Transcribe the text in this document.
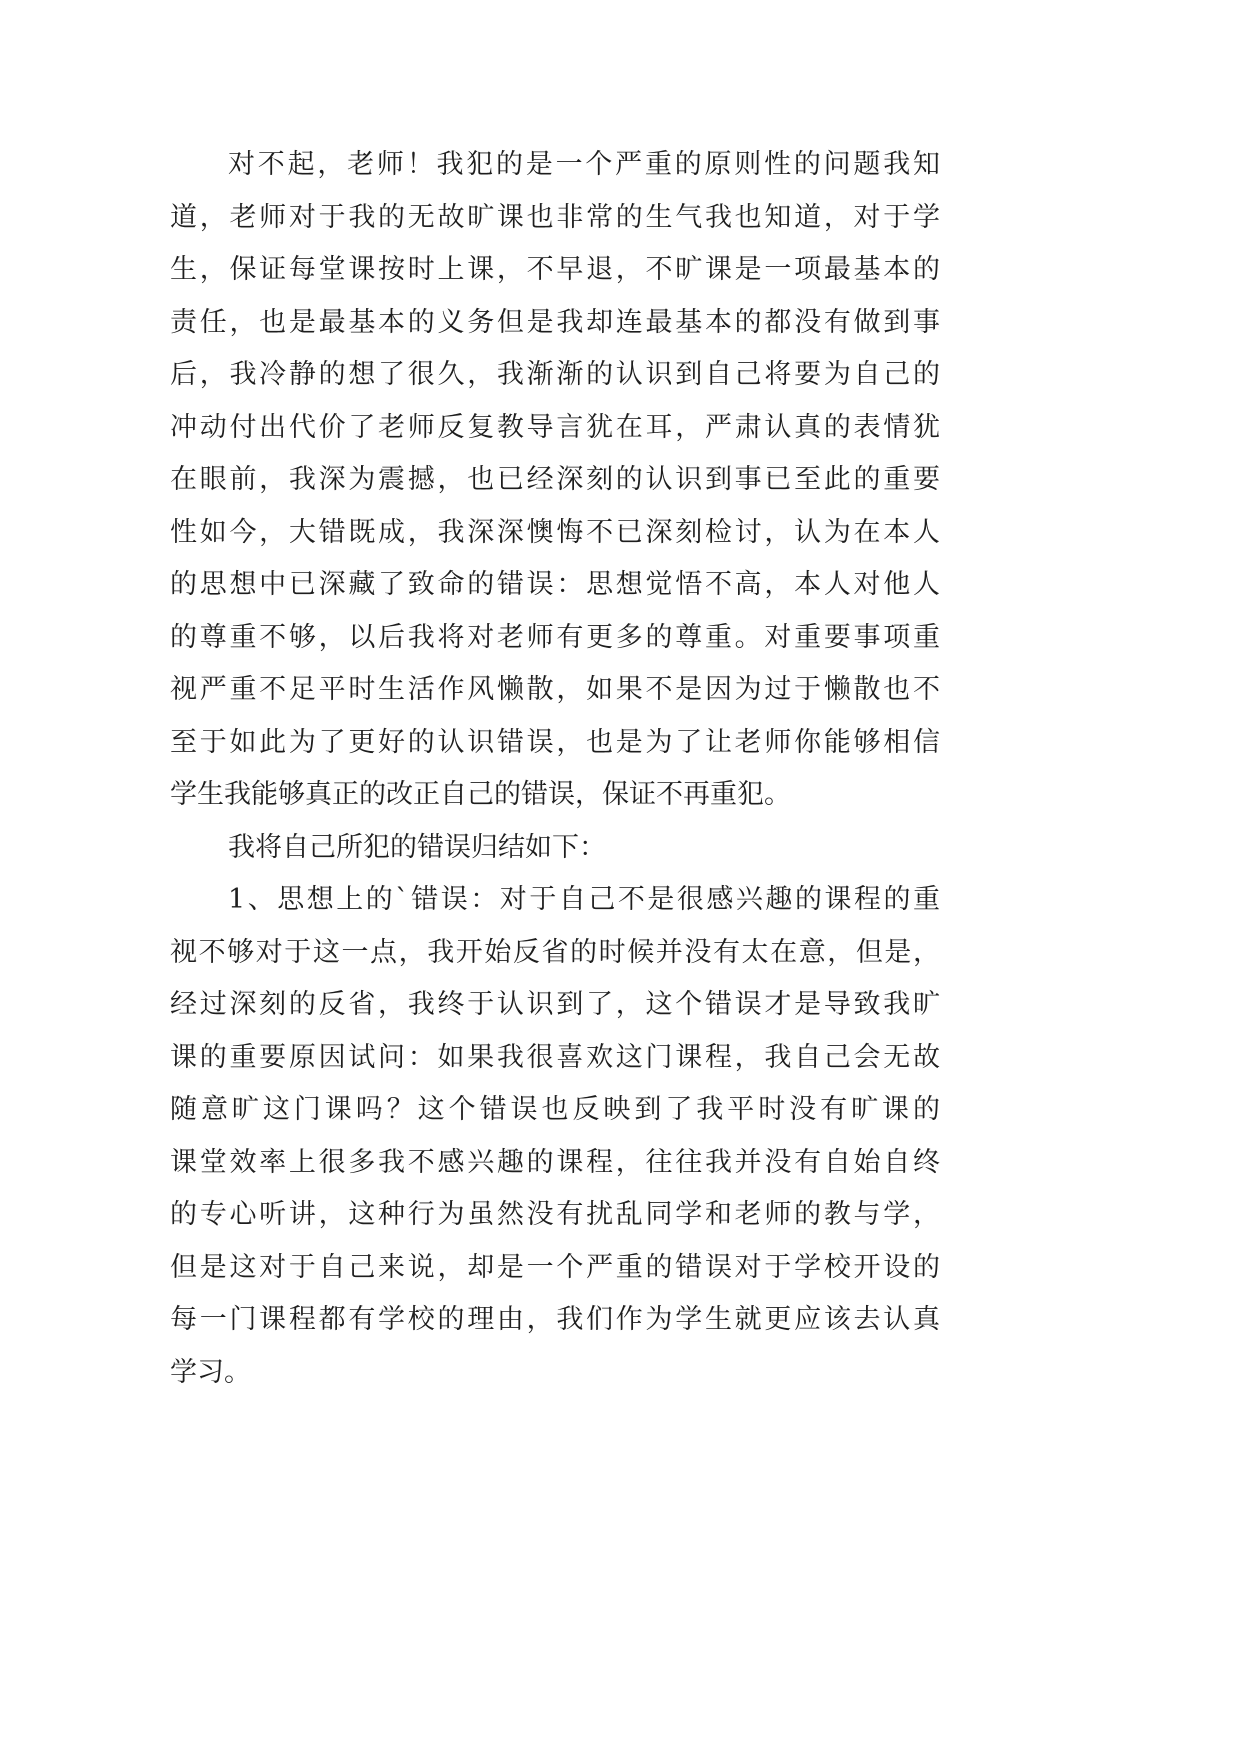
对不起，老师！我犯的是一个严重的原则性的问题我知
道，老师对于我的无故旷课也非常的生气我也知道，对于学
生，保证每堂课按时上课，不早退，不旷课是一项最基本的
责任，也是最基本的义务但是我却连最基本的都没有做到事
后，我冷静的想了很久，我渐渐的认识到自己将要为自己的
冲动付出代价了老师反复教导言犹在耳，严肃认真的表情犹
在眼前，我深为震撼，也已经深刻的认识到事已至此的重要
性如今，大错既成，我深深懊悔不已深刻检讨，认为在本人
的思想中已深藏了致命的错误：思想觉悟不高，本人对他人
的尊重不够，以后我将对老师有更多的尊重。对重要事项重
视严重不足平时生活作风懒散，如果不是因为过于懒散也不
至于如此为了更好的认识错误，也是为了让老师你能够相信
学生我能够真正的改正自己的错误，保证不再重犯。
我将自己所犯的错误归结如下：
1、思想上的`错误：对于自己不是很感兴趣的课程的重
视不够对于这一点，我开始反省的时候并没有太在意，但是，
经过深刻的反省，我终于认识到了，这个错误才是导致我旷
课的重要原因试问：如果我很喜欢这门课程，我自己会无故
随意旷这门课吗？这个错误也反映到了我平时没有旷课的
课堂效率上很多我不感兴趣的课程，往往我并没有自始自终
的专心听讲，这种行为虽然没有扰乱同学和老师的教与学，
但是这对于自己来说，却是一个严重的错误对于学校开设的
每一门课程都有学校的理由，我们作为学生就更应该去认真
学习。
